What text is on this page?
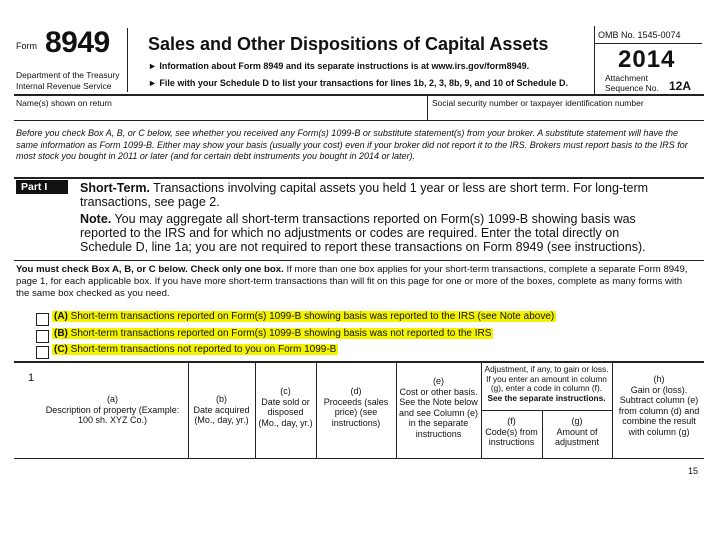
Form 8949
Department of the Treasury
Internal Revenue Service
Sales and Other Dispositions of Capital Assets
► Information about Form 8949 and its separate instructions is at www.irs.gov/form8949.
► File with your Schedule D to list your transactions for lines 1b, 2, 3, 8b, 9, and 10 of Schedule D.
OMB No. 1545-0074
2014
Attachment
Sequence No. 12A
Name(s) shown on return	Social security number or taxpayer identification number
Before you check Box A, B, or C below, see whether you received any Form(s) 1099-B or substitute statement(s) from your broker. A substitute statement will have the same information as Form 1099-B. Either may show your basis (usually your cost) even if your broker did not report it to the IRS. Brokers must report basis to the IRS for most stock you bought in 2011 or later (and for certain debt instruments you bought in 2014 or later).
Part I	Short-Term. Transactions involving capital assets you held 1 year or less are short term. For long-term transactions, see page 2.
Note. You may aggregate all short-term transactions reported on Form(s) 1099-B showing basis was reported to the IRS and for which no adjustments or codes are required. Enter the total directly on Schedule D, line 1a; you are not required to report these transactions on Form 8949 (see instructions).
You must check Box A, B, or C below. Check only one box. If more than one box applies for your short-term transactions, complete a separate Form 8949, page 1, for each applicable box. If you have more short-term transactions than will fit on this page for one or more of the boxes, complete as many forms with the same box checked as you need.
(A) Short-term transactions reported on Form(s) 1099-B showing basis was reported to the IRS (see Note above)
(B) Short-term transactions reported on Form(s) 1099-B showing basis was not reported to the IRS
(C) Short-term transactions not reported to you on Form 1099-B
1
(a)
Description of property (Example: 100 sh. XYZ Co.)
(b)
Date acquired (Mo., day, yr.)
(c)
Date sold or disposed (Mo., day, yr.)
(d)
Proceeds (sales price) (see instructions)
(e)
Cost or other basis. See the Note below and see Column (e) in the separate instructions
Adjustment, if any, to gain or loss. If you enter an amount in column (g), enter a code in column (f).
See the separate instructions.
(f)
Code(s) from instructions
(g)
Amount of adjustment
(h)
Gain or (loss). Subtract column (e) from column (d) and combine the result with column (g)
15
